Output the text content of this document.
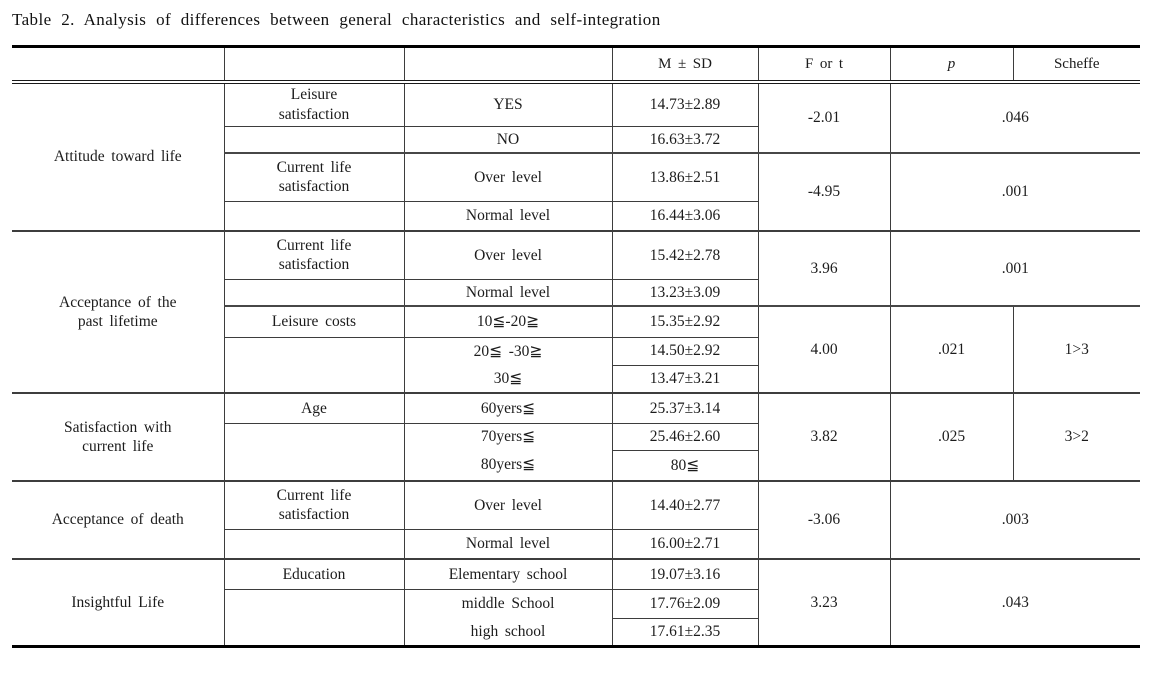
Table 2. Analysis of differences between general characteristics and self-integration
			M ± SD	F or t	p	Scheffe
Attitude toward life	Leisure satisfaction	YES	14.73±2.89	-2.01	.046	
		NO	16.63±3.72			
	Current life satisfaction	Over level	13.86±2.51	-4.95	.001	
		Normal level	16.44±3.06			
Acceptance of the past lifetime	Current life satisfaction	Over level	15.42±2.78	3.96	.001	
		Normal level	13.23±3.09			
	Leisure costs	10≦-20≧	15.35±2.92	4.00	.021	1>3
		20≦ -30≧	14.50±2.92			
		30≦	13.47±3.21			
Satisfaction with current life	Age	60yers≦	25.37±3.14	3.82	.025	3>2
		70yers≦	25.46±2.60			
		80yers≦	80≦			
Acceptance of death	Current life satisfaction	Over level	14.40±2.77	-3.06	.003	
		Normal level	16.00±2.71			
Insightful Life	Education	Elementary school	19.07±3.16	3.23	.043	
		middle School	17.76±2.09			
		high school	17.61±2.35			
